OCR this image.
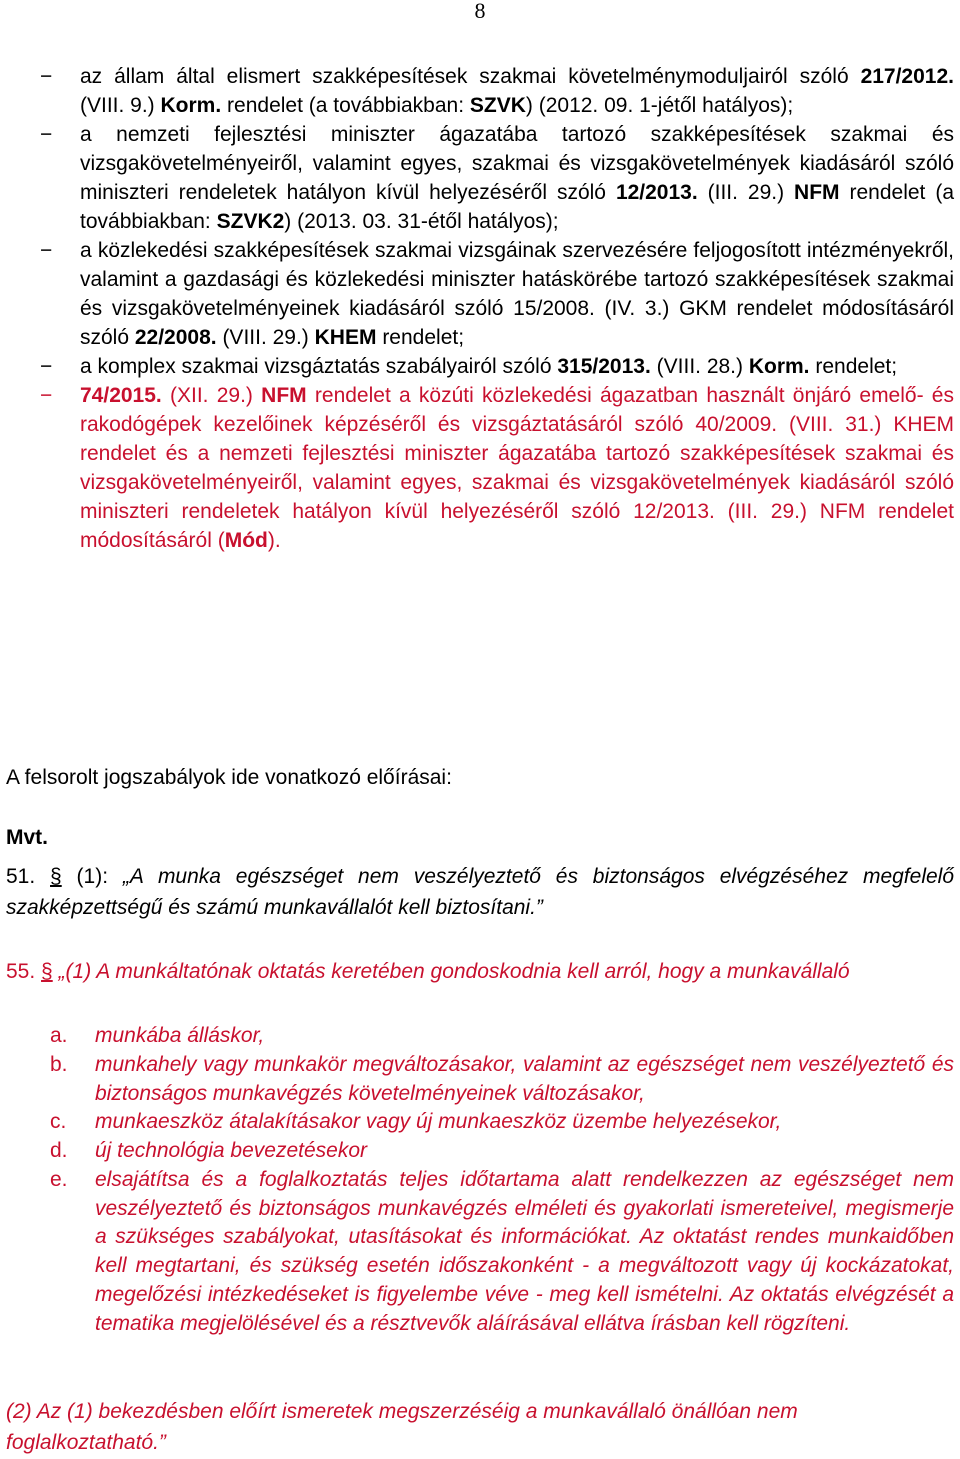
8
− az állam által elismert szakképesítések szakmai követelménymoduljairól szóló 217/2012. (VIII. 9.) Korm. rendelet (a továbbiakban: SZVK) (2012. 09. 1-jétől hatályos);
− a nemzeti fejlesztési miniszter ágazatába tartozó szakképesítések szakmai és vizsgakövetelményeiről, valamint egyes, szakmai és vizsgakövetelmények kiadásáról szóló miniszteri rendeletek hatályon kívül helyezéséről szóló 12/2013. (III. 29.) NFM rendelet (a továbbiakban: SZVK2) (2013. 03. 31-étől hatályos);
− a közlekedési szakképesítések szakmai vizsgáinak szervezésére feljogosított intézményekről, valamint a gazdasági és közlekedési miniszter hatáskörébe tartozó szakképesítések szakmai és vizsgakövetelményeinek kiadásáról szóló 15/2008. (IV. 3.) GKM rendelet módosításáról szóló 22/2008. (VIII. 29.) KHEM rendelet;
− a komplex szakmai vizsgáztatás szabályairól szóló 315/2013. (VIII. 28.) Korm. rendelet;
− 74/2015. (XII. 29.) NFM rendelet a közúti közlekedési ágazatban használt önjáró emelő- és rakodógépek kezelőinek képzéséről és vizsgáztatásáról szóló 40/2009. (VIII. 31.) KHEM rendelet és a nemzeti fejlesztési miniszter ágazatába tartozó szakképesítések szakmai és vizsgakövetelményeiről, valamint egyes, szakmai és vizsgakövetelmények kiadásáról szóló miniszteri rendeletek hatályon kívül helyezéséről szóló 12/2013. (III. 29.) NFM rendelet módosításáról (Mód).
A felsorolt jogszabályok ide vonatkozó előírásai:
Mvt.
51. § (1): „A munka egészséget nem veszélyeztető és biztonságos elvégzéséhez megfelelő szakképzettségű és számú munkavállalót kell biztosítani.”
55. § „(1) A munkáltatónak oktatás keretében gondoskodnia kell arról, hogy a munkavállaló
a. munkába álláskor,
b. munkahely vagy munkakör megváltozásakor, valamint az egészséget nem veszélyeztető és biztonságos munkavégzés követelményeinek változásakor,
c. munkaeszköz átalakításakor vagy új munkaeszköz üzembe helyezésekor,
d. új technológia bevezetésekor
e. elsajátítsa és a foglalkoztatás teljes időtartama alatt rendelkezzen az egészséget nem veszélyeztető és biztonságos munkavégzés elméleti és gyakorlati ismereteivel, megismerje a szükséges szabályokat, utasításokat és információkat. Az oktatást rendes munkaidőben kell megtartani, és szükség esetén időszakonként - a megváltozott vagy új kockázatokat, megelőzési intézkedéseket is figyelembe véve - meg kell ismételni. Az oktatás elvégzését a tematika megjelölésével és a résztvevők aláírásával ellátva írásban kell rögzíteni.
(2) Az (1) bekezdésben előírt ismeretek megszerzéséig a munkavállaló önállóan nem foglalkoztatható.”
